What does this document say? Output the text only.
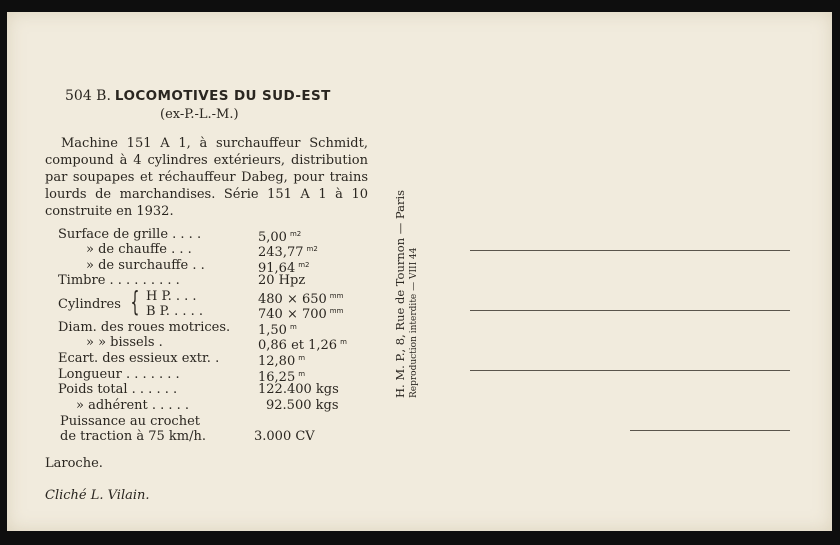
504 B. LOCOMOTIVES DU SUD-EST
(ex-P.-L.-M.)

Machine 151 A 1, à surchauffeur Schmidt, compound à 4 cylindres extérieurs, distribution par soupapes et réchauffeur Dabeg, pour trains lourds de marchandises. Série 151 A 1 à 10 construite en 1932.

Surface de grille . . . .	5,00 $^{m2}$
» de chauffe . . .	243,77 $^{m2}$
» de surchauffe . .	91,64 $^{m2}$
Timbre . . . . . . . . .	20 Hpz
Cylindres { H P. . . .	480 × 650 $^{mm}$
B P. . . . .	740 × 700 $^{mm}$
Diam. des roues motrices. 1,50 $^m$
» » bissels .	0,86 et 1,26 $^m$
Ecart. des essieux extr. .	12,80 $^m$
Longueur . . . . . . .	16,25 $^m$
Poids total . . . . . .	122.400 kgs
» adhérent . . . . .	92.500 kgs
Puissance au crochet
de traction à 75 km/h.	3.000 CV
Laroche.
Cliché L. Vilain.
H. M. P., 8, Rue de Tournon — Paris Reproduction interdite — VIII 44
